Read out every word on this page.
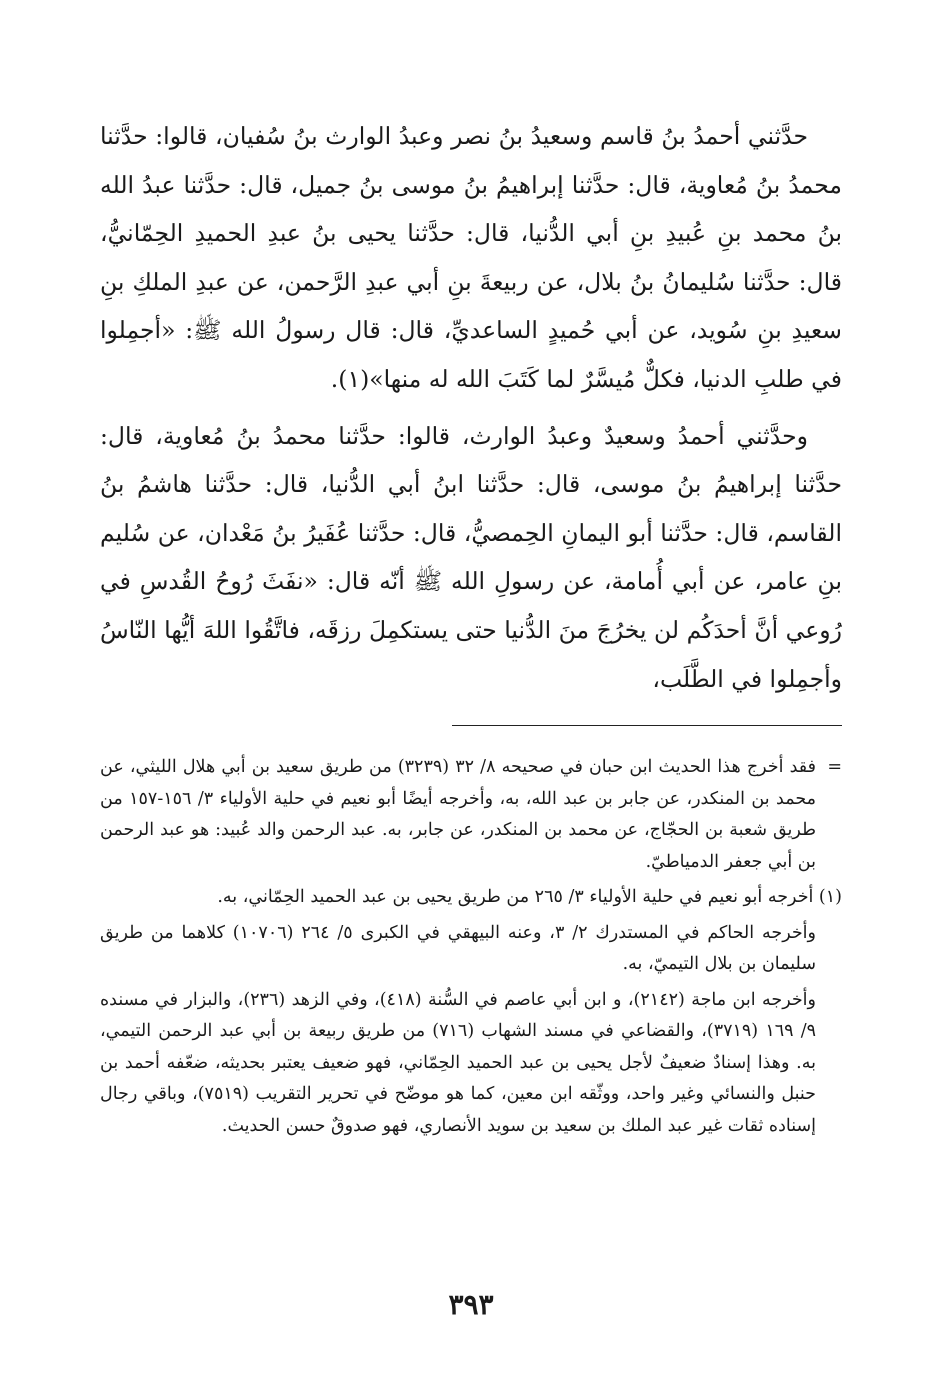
حدَّثني أحمدُ بنُ قاسم وسعيدُ بنُ نصر وعبدُ الوارث بنُ سُفيان، قالوا: حدَّثنا محمدُ بنُ مُعاوية، قال: حدَّثنا إبراهيمُ بنُ موسى بنُ جميل، قال: حدَّثنا عبدُ الله بنُ محمد بنِ عُبيدِ بنِ أبي الدُّنيا، قال: حدَّثنا يحيى بنُ عبدِ الحميدِ الحِمّانيُّ، قال: حدَّثنا سُليمانُ بنُ بلال، عن ربيعةَ بنِ أبي عبدِ الرَّحمن، عن عبدِ الملكِ بنِ سعيدِ بنِ سُويد، عن أبي حُميدٍ الساعديِّ، قال: قال رسولُ الله ﷺ: «أجمِلوا في طلبِ الدنيا، فكلٌّ مُيسَّرٌ لما كَتَبَ الله له منها»(١).

وحدَّثني أحمدُ وسعيدٌ وعبدُ الوارث، قالوا: حدَّثنا محمدُ بنُ مُعاوية، قال: حدَّثنا إبراهيمُ بنُ موسى، قال: حدَّثنا ابنُ أبي الدُّنيا، قال: حدَّثنا هاشمُ بنُ القاسم، قال: حدَّثنا أبو اليمانِ الحِمصيُّ، قال: حدَّثنا عُفَيرُ بنُ مَعْدان، عن سُليم بنِ عامر، عن أبي أُمامة، عن رسولِ الله ﷺ أنّه قال: «نفَثَ رُوحُ القُدسِ في رُوعي أنَّ أحدَكُم لن يخرُجَ منَ الدُّنيا حتى يستكمِلَ رزقَه، فاتَّقُوا اللهَ أيُّها النّاسُ وأجمِلوا في الطَّلَب،

=فقد أخرج هذا الحديث ابن حبان في صحيحه ٨/ ٣٢ (٣٢٣٩) من طريق سعيد بن أبي هلال الليثي، عن محمد بن المنكدر، عن جابر بن عبد الله، به، وأخرجه أيضًا أبو نعيم في حلية الأولياء ٣/ ١٥٦-١٥٧ من طريق شعبة بن الحجّاج، عن محمد بن المنكدر، عن جابر، به. عبد الرحمن والد عُبيد: هو عبد الرحمن بن أبي جعفر الدمياطيّ.

(١) أخرجه أبو نعيم في حلية الأولياء ٣/ ٢٦٥ من طريق يحيى بن عبد الحميد الحِمّاني، به.

وأخرجه الحاكم في المستدرك ٢/ ٣، وعنه البيهقي في الكبرى ٥/ ٢٦٤ (١٠٧٠٦) كلاهما من طريق سليمان بن بلال التيميّ، به.

وأخرجه ابن ماجة (٢١٤٢)، و ابن أبي عاصم في السُّنة (٤١٨)، وفي الزهد (٢٣٦)، والبزار في مسنده ٩/ ١٦٩ (٣٧١٩)، والقضاعي في مسند الشهاب (٧١٦) من طريق ربيعة بن أبي عبد الرحمن التيمي، به. وهذا إسنادٌ ضعيفٌ لأجل يحيى بن عبد الحميد الحِمّاني، فهو ضعيف يعتبر بحديثه، ضعّفه أحمد بن حنبل والنسائي وغير واحد، ووثّقه ابن معين، كما هو موضّح في تحرير التقريب (٧٥١٩)، وباقي رجال إسناده ثقات غير عبد الملك بن سعيد بن سويد الأنصاري، فهو صدوقٌ حسن الحديث.

٣٩٣
